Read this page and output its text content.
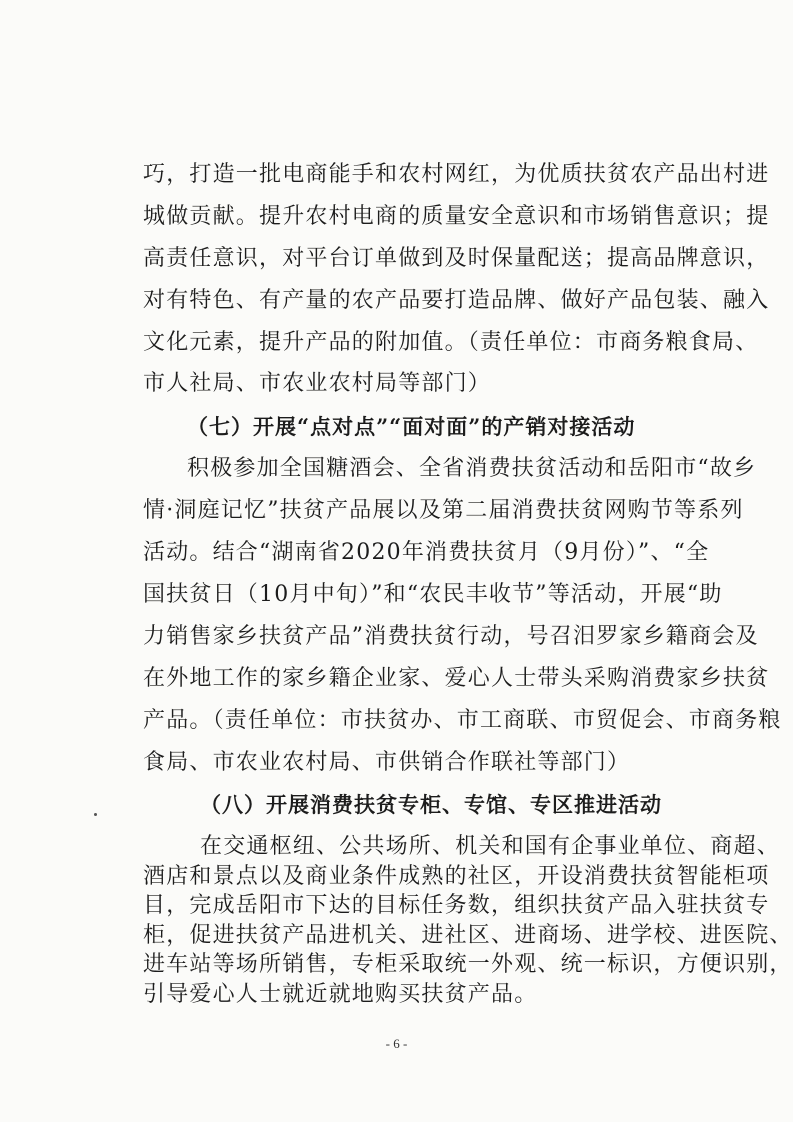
巧，打造一批电商能手和农村网红，为优质扶贫农产品出村进
城做贡献。提升农村电商的质量安全意识和市场销售意识；提
高责任意识，对平台订单做到及时保量配送；提高品牌意识，
对有特色、有产量的农产品要打造品牌、做好产品包装、融入
文化元素，提升产品的附加值。（责任单位：市商务粮食局、
市人社局、市农业农村局等部门）
（七）开展“点对点”“面对面”的产销对接活动
积极参加全国糖酒会、全省消费扶贫活动和岳阳市“故乡
情·洞庭记忆”扶贫产品展以及第二届消费扶贫网购节等系列
活动。结合“湖南省2020年消费扶贫月（9月份）”、“全
国扶贫日（10月中旬）”和“农民丰收节”等活动，开展“助
力销售家乡扶贫产品”消费扶贫行动，号召汨罗家乡籍商会及
在外地工作的家乡籍企业家、爱心人士带头采购消费家乡扶贫
产品。（责任单位：市扶贫办、市工商联、市贸促会、市商务粮
食局、市农业农村局、市供销合作联社等部门）
（八）开展消费扶贫专柜、专馆、专区推进活动
在交通枢纽、公共场所、机关和国有企事业单位、商超、
酒店和景点以及商业条件成熟的社区，开设消费扶贫智能柜项
目，完成岳阳市下达的目标任务数，组织扶贫产品入驻扶贫专
柜，促进扶贫产品进机关、进社区、进商场、进学校、进医院、
进车站等场所销售，专柜采取统一外观、统一标识，方便识别，
- 6 -
引导爱心人士就近就地购买扶贫产品。
